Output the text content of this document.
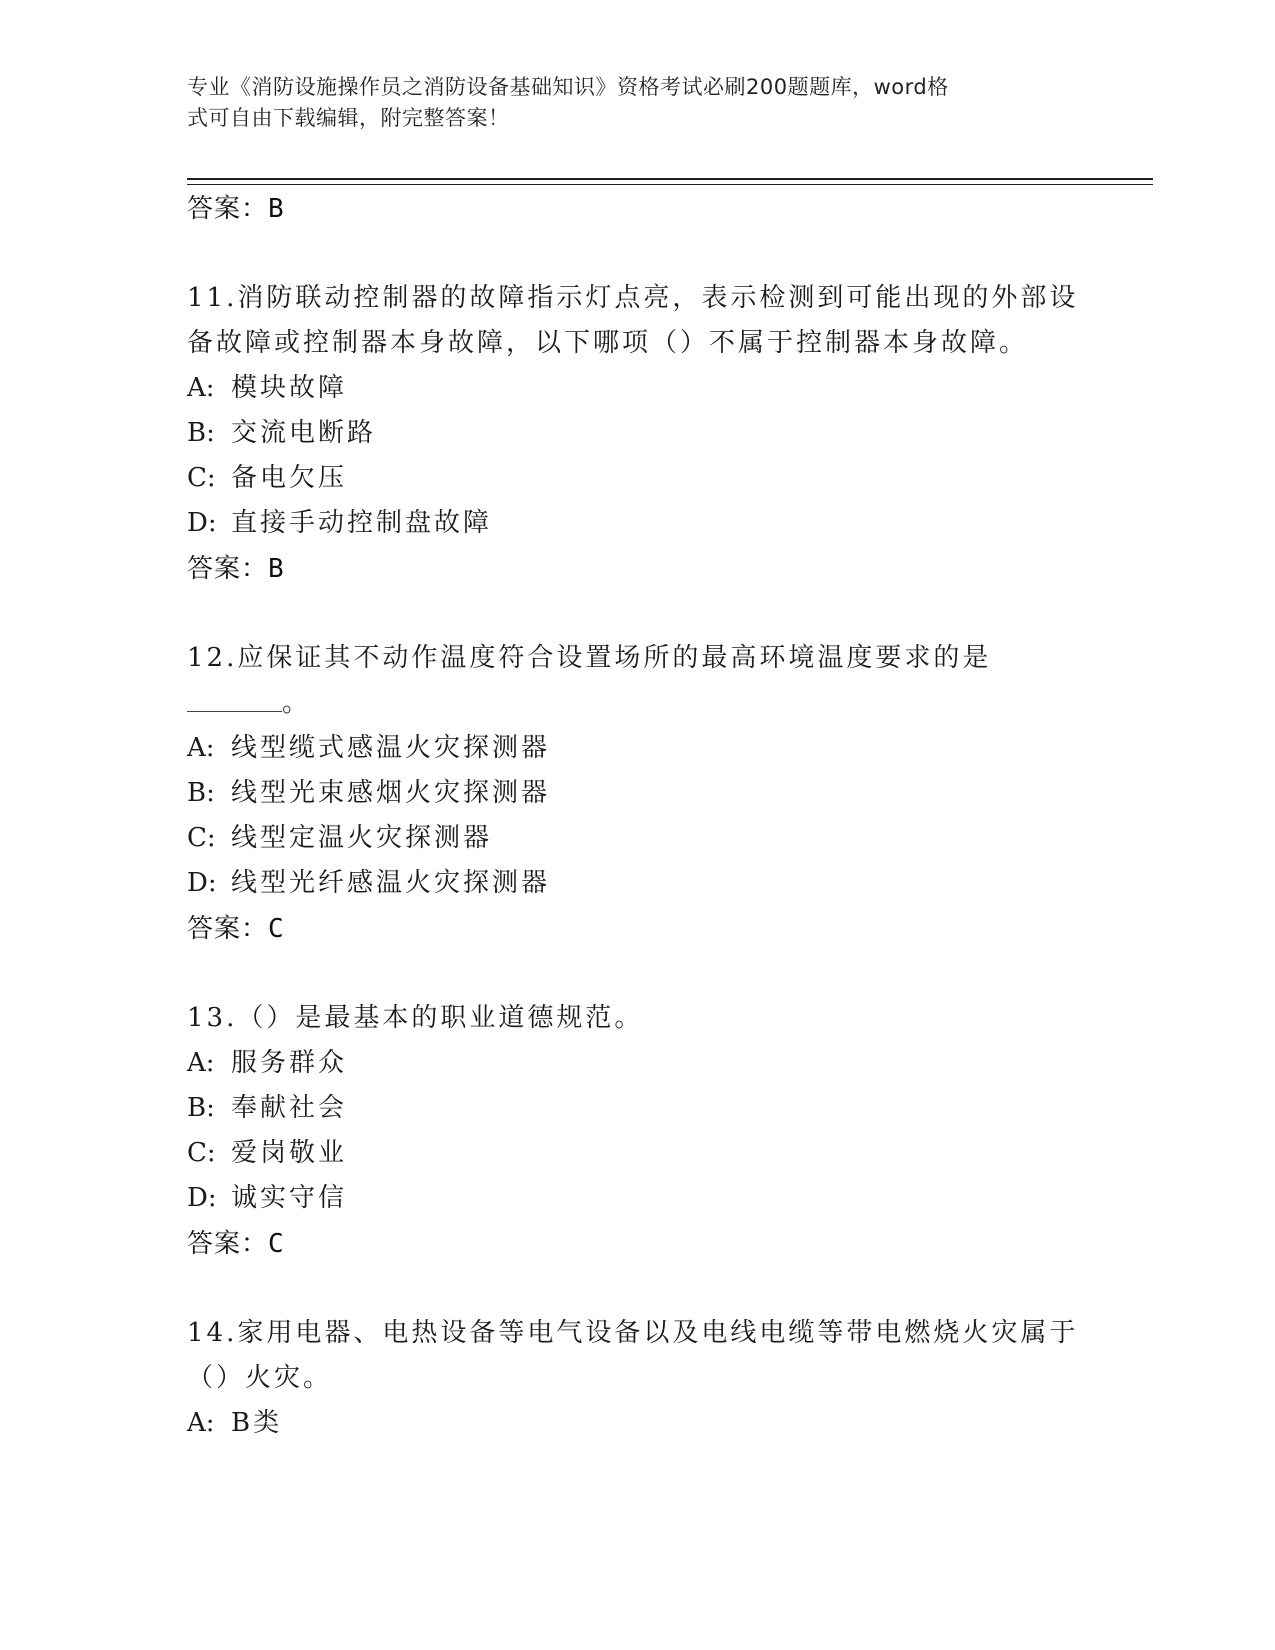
专业《消防设施操作员之消防设备基础知识》资格考试必刷200题题库，word格
式可自由下载编辑，附完整答案！
答案：B
11.消防联动控制器的故障指示灯点亮，表示检测到可能出现的外部设
备故障或控制器本身故障，以下哪项（）不属于控制器本身故障。
A: 模块故障
B: 交流电断路
C: 备电欠压
D: 直接手动控制盘故障
答案：B
12.应保证其不动作温度符合设置场所的最高环境温度要求的是
。
A: 线型缆式感温火灾探测器
B: 线型光束感烟火灾探测器
C: 线型定温火灾探测器
D: 线型光纤感温火灾探测器
答案：C
13.（）是最基本的职业道德规范。
A: 服务群众
B: 奉献社会
C: 爱岗敬业
D: 诚实守信
答案：C
14.家用电器、电热设备等电气设备以及电线电缆等带电燃烧火灾属于
（）火灾。
A: B类
